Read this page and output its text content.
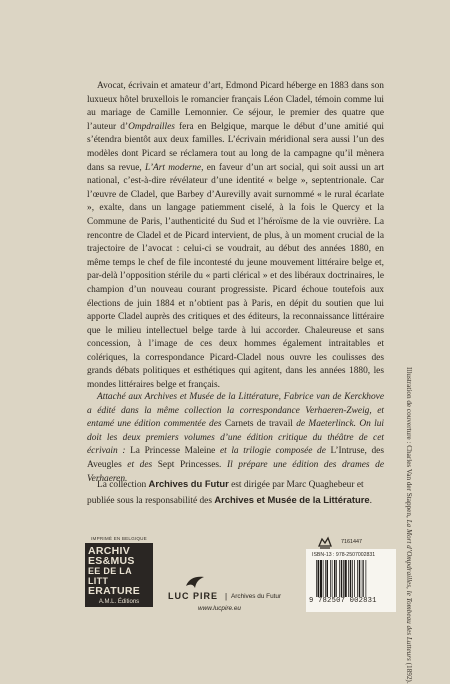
Avocat, écrivain et amateur d’art, Edmond Picard héberge en 1883 dans son luxueux hôtel bruxellois le romancier français Léon Cladel, témoin comme lui au mariage de Camille Lemonnier. Ce séjour, le premier des quatre que l’auteur d’Ompdrailles fera en Belgique, marque le début d’une amitié qui s’étendra bientôt aux deux familles. L’écrivain méridional sera aussi l’un des modèles dont Picard se réclamera tout au long de la campagne qu’il mènera dans sa revue, L’Art moderne, en faveur d’un art social, qui soit aussi un art national, c’est-à-dire révélateur d’une identité « belge », septentrionale. Car l’œuvre de Cladel, que Barbey d’Aurevilly avait surnommé « le rural écarlate », exalte, dans un langage patiemment ciselé, à la fois le Quercy et la Commune de Paris, l’authenticité du Sud et l’héroïsme de la vie ouvrière. La rencontre de Cladel et de Picard intervient, de plus, à un moment crucial de la trajectoire de l’avocat : celui-ci se voudrait, au début des années 1880, en même temps le chef de file incontesté du jeune mouvement littéraire belge et, par-delà l’opposition stérile du « parti clérical » et des libéraux doctrinaires, le champion d’un nouveau courant progressiste. Picard échoue toutefois aux élections de juin 1884 et n’obtient pas à Paris, en dépit du soutien que lui apporte Cladel auprès des critiques et des éditeurs, la reconnaissance littéraire que le milieu intellectuel belge tarde à lui accorder. Chaleureuse et sans concession, à l’image de ces deux hommes également intraitables et colériques, la correspondance Picard-Cladel nous ouvre les coulisses des grands débats politiques et esthétiques qui agitent, dans les années 1880, les mondes littéraires belge et français.

Attaché aux Archives et Musée de la Littérature, Fabrice van de Kerckhove a édité dans la même collection la correspondance Verhaeren-Zweig, et entamé une édition commentée des Carnets de travail de Maeterlinck. On lui doit les deux premiers volumes d’une édition critique du théâtre de cet écrivain : La Princesse Maleine et la trilogie composée de L’Intruse, des Aveugles et des Sept Princesses. Il prépare une édition des drames de Verhaeren.

La collection Archives du Futur est dirigée par Marc Quaghebeur et publiée sous la responsabilité des Archives et Musée de la Littérature.	Illustration de couverture : Charles Van der Stappen, La Mort d’Ompdrailles, le Tombeau des Lutteurs (1892).
IMPRIMÉ EN BELGIQUE
ARCHIV
ES&MUS
EE DE LA LITT
ERATURE
A.M.L. Éditions
LUC PIRE | Archives du Futur
www.lucpire.eu
7161447
ISBN-13 : 978-2507002831
9 782507 002831
